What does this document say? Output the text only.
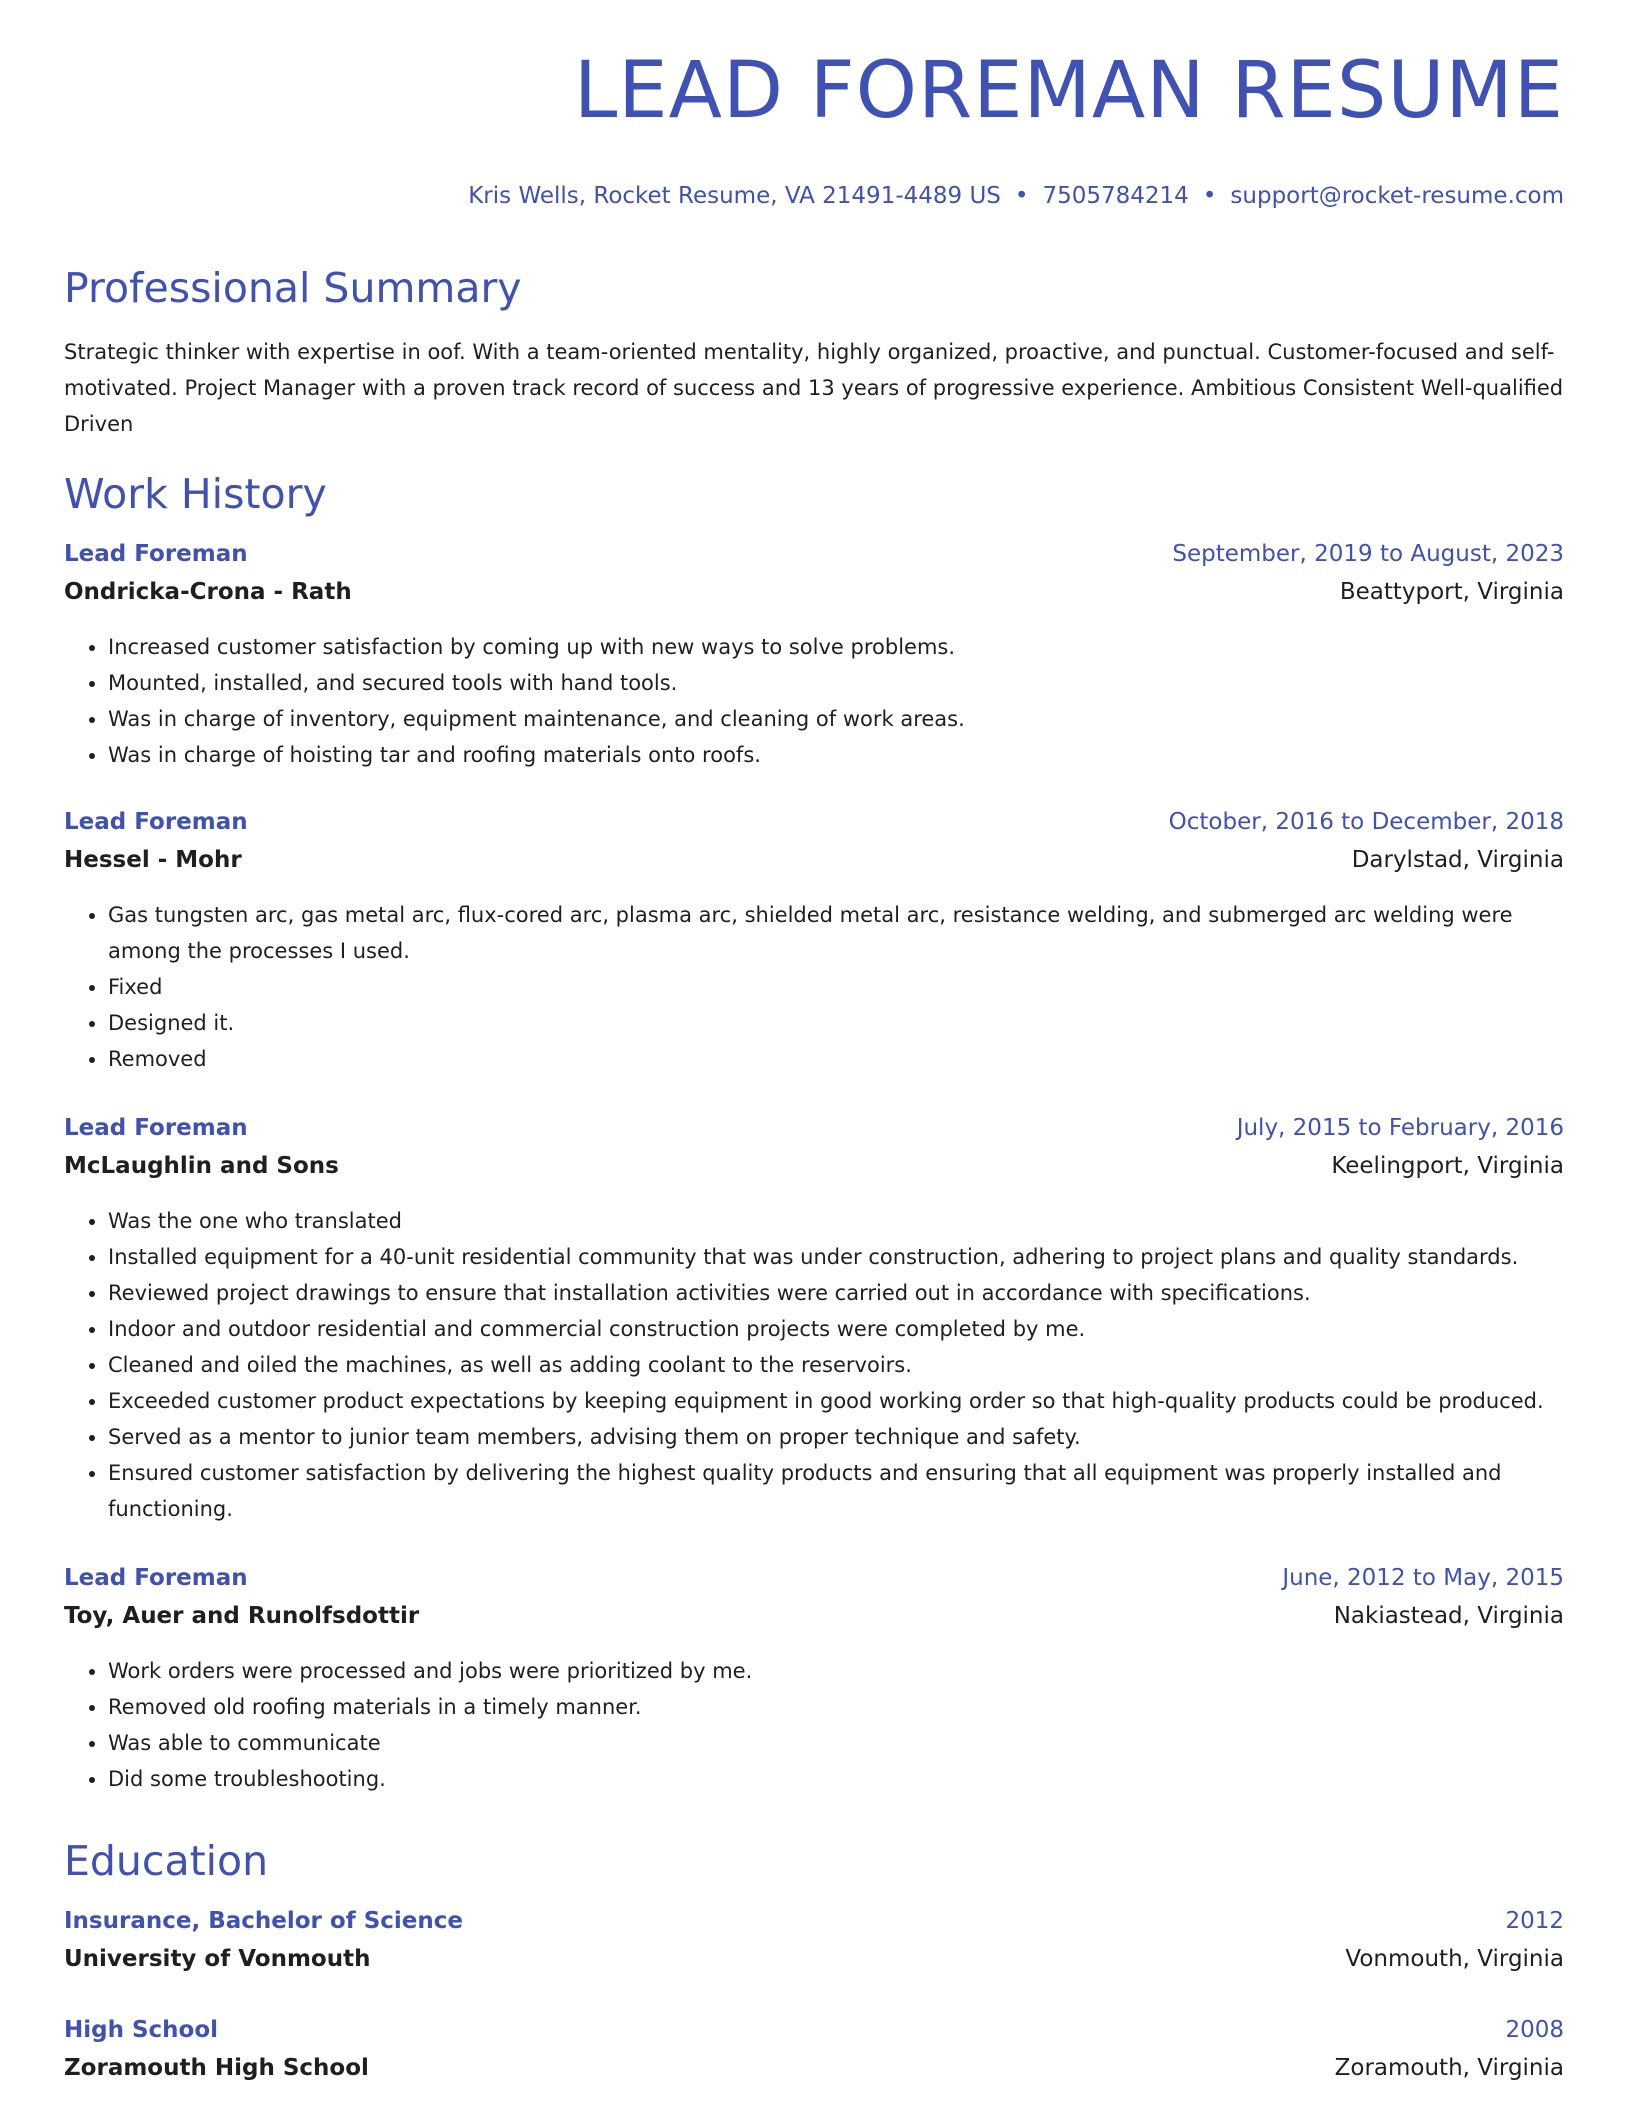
LEAD FOREMAN RESUME
Kris Wells, Rocket Resume, VA 21491-4489 US • 7505784214 • support@rocket-resume.com
Professional Summary

Strategic thinker with expertise in oof. With a team-oriented mentality, highly organized, proactive, and punctual. Customer-focused and self-motivated. Project Manager with a proven track record of success and 13 years of progressive experience. Ambitious Consistent Well-qualified Driven

Work History
Lead Foreman	September, 2019 to August, 2023
Ondricka-Crona - Rath	Beattyport, Virginia
• Increased customer satisfaction by coming up with new ways to solve problems.
• Mounted, installed, and secured tools with hand tools.
• Was in charge of inventory, equipment maintenance, and cleaning of work areas.
• Was in charge of hoisting tar and roofing materials onto roofs.
Lead Foreman	October, 2016 to December, 2018
Hessel - Mohr	Darylstad, Virginia
• Gas tungsten arc, gas metal arc, flux-cored arc, plasma arc, shielded metal arc, resistance welding, and submerged arc welding were among the processes I used.
• Fixed
• Designed it.
• Removed
Lead Foreman	July, 2015 to February, 2016
McLaughlin and Sons	Keelingport, Virginia
• Was the one who translated
• Installed equipment for a 40-unit residential community that was under construction, adhering to project plans and quality standards.
• Reviewed project drawings to ensure that installation activities were carried out in accordance with specifications.
• Indoor and outdoor residential and commercial construction projects were completed by me.
• Cleaned and oiled the machines, as well as adding coolant to the reservoirs.
• Exceeded customer product expectations by keeping equipment in good working order so that high-quality products could be produced.
• Served as a mentor to junior team members, advising them on proper technique and safety.
• Ensured customer satisfaction by delivering the highest quality products and ensuring that all equipment was properly installed and functioning.
Lead Foreman	June, 2012 to May, 2015
Toy, Auer and Runolfsdottir	Nakiastead, Virginia
• Work orders were processed and jobs were prioritized by me.
• Removed old roofing materials in a timely manner.
• Was able to communicate
• Did some troubleshooting.
Education
Insurance, Bachelor of Science	2012
University of Vonmouth	Vonmouth, Virginia
High School	2008
Zoramouth High School	Zoramouth, Virginia
